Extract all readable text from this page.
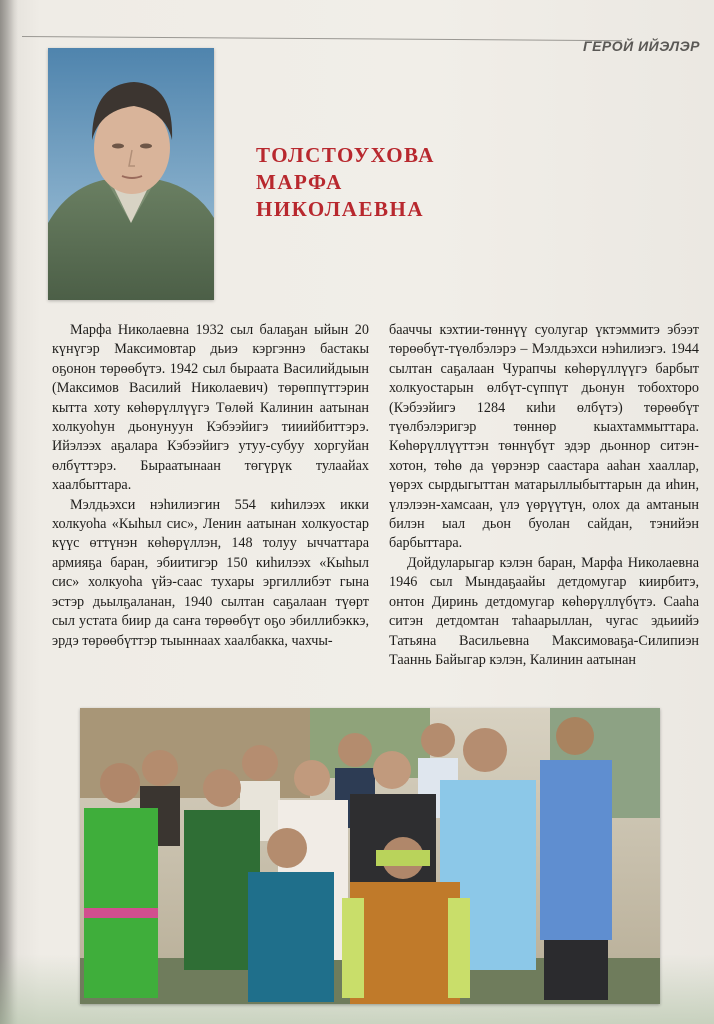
ГЕРОЙ ИЙЭЛЭР
ТОЛСТОУХОВА
МАРФА
НИКОЛАЕВНА

Марфа Николаевна 1932 сыл балаҕан ыйын 20 күнүгэр Максимовтар дьиэ кэргэннэ бастакы оҕонон төрөөбүтэ. 1942 сыл быраата Василийдыын (Максимов Василий Николаевич) төрөппүттэрин кытта хоту көһөрүллүүгэ Төлөй Калинин аатынан холкуоһун дьонунуун Кэбээйигэ тииийбиттэрэ. Ийэлээх аҕалара Кэбээйигэ утуу-субуу хоргуйан өлбүттэрэ. Быраатынаан төгүрүк тулаайах хаалбыттара.

Мэлдьэхси нэһилиэгин 554 киһилээх икки холкуоһа «Кыһыл сис», Ленин аатынан холкуостар күүс өттүнэн көһөрүллэн, 148 толуу ыччаттара армияҕа баран, эбиитигэр 150 киһилээх «Кыһыл сис» холкуоһа үйэ-саас тухары эргиллибэт гына эстэр дьылҕаланан, 1940 сылтан саҕалаан түөрт сыл устата биир да саҥа төрөөбүт оҕо эбиллибэккэ, эрдэ төрөөбүттэр тыыннаах хаалбакка, чахчы-

бааччы кэхтии-төннүү суолугар үктэммитэ эбээт төрөөбүт-түөлбэлэрэ – Мэлдьэхси нэһилиэгэ. 1944 сылтан саҕалаан Чурапчы көһөрүллүүгэ барбыт холкуостарын өлбүт-сүппүт дьонун тобохторо (Кэбээйигэ 1284 киһи өлбүтэ) төрөөбүт түөлбэлэригэр төннөр кыахтаммыттара. Көһөрүллүүттэн төннүбүт эдэр дьоннор ситэн-хотон, төһө да үөрэнэр саастара ааһан хааллар, үөрэх сырдыгыттан матарыллыбыттарын да иһин, үлэлээн-хамсаан, үлэ үөрүүтүн, олох да амтанын билэн ыал дьон буолан сайдан, тэнийэн барбыттара.

Дойдуларыгар кэлэн баран, Марфа Николаевна 1946 сыл Мындаҕаайы детдомугар киирбитэ, онтон Диринь детдомугар көһөрүллүбүтэ. Сааһа ситэн детдомтан таһаарыллан, чугас эдьиийэ Татьяна Васильевна Максимоваҕа-Силипиэн Тааннь Байыгар кэлэн, Калинин аатынан
